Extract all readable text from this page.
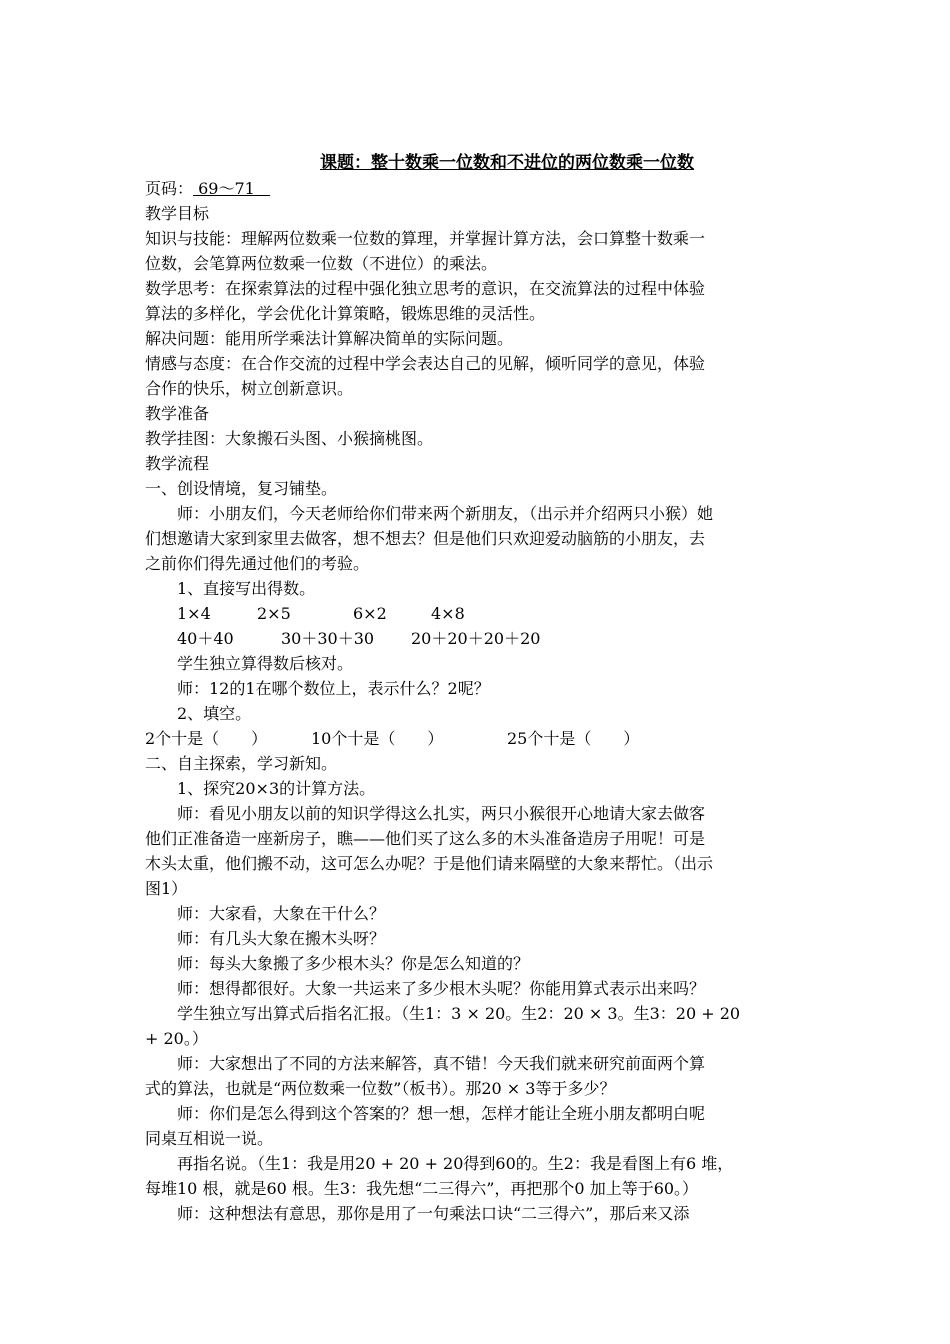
课题：整十数乘一位数和不进位的两位数乘一位数

页码： 69～71

教学目标

知识与技能：理解两位数乘一位数的算理，并掌握计算方法，会口算整十数乘一

位数，会笔算两位数乘一位数（不进位）的乘法。

数学思考：在探索算法的过程中强化独立思考的意识，在交流算法的过程中体验

算法的多样化，学会优化计算策略，锻炼思维的灵活性。

解决问题：能用所学乘法计算解决简单的实际问题。

情感与态度：在合作交流的过程中学会表达自己的见解，倾听同学的意见，体验

合作的快乐，树立创新意识。

教学准备

教学挂图：大象搬石头图、小猴摘桃图。

教学流程

一、创设情境，复习铺垫。

师：小朋友们，今天老师给你们带来两个新朋友，（出示并介绍两只小猴）她

们想邀请大家到家里去做客，想不想去？但是他们只欢迎爱动脑筋的小朋友，去

之前你们得先通过他们的考验。

1、直接写出得数。

1×4	2×5	6×2	4×8

40＋40	30＋30＋30 20＋20＋20＋20

学生独立算得数后核对。

师：12的1在哪个数位上，表示什么？2呢？

2、填空。

2个十是（　　）	10个十是（　　）	25个十是（　　）

二、自主探索，学习新知。

1、探究20×3的计算方法。

师：看见小朋友以前的知识学得这么扎实，两只小猴很开心地请大家去做客

他们正准备造一座新房子，瞧——他们买了这么多的木头准备造房子用呢！可是

木头太重，他们搬不动，这可怎么办呢？于是他们请来隔壁的大象来帮忙。（出示

图1）

师：大家看，大象在干什么？

师：有几头大象在搬木头呀？

师：每头大象搬了多少根木头？你是怎么知道的？

师：想得都很好。大象一共运来了多少根木头呢？你能用算式表示出来吗？

学生独立写出算式后指名汇报。（生1：3 × 20。生2：20 × 3。生3：20 + 20

+ 20。）

师：大家想出了不同的方法来解答，真不错！今天我们就来研究前面两个算

式的算法，也就是“两位数乘一位数”（板书）。那20 × 3等于多少？

师：你们是怎么得到这个答案的？想一想，怎样才能让全班小朋友都明白呢

同桌互相说一说。

再指名说。（生1：我是用20 + 20 + 20得到60的。生2：我是看图上有6 堆，

每堆10 根，就是60 根。生3：我先想“二三得六”，再把那个0 加上等于60。）

师：这种想法有意思，那你是用了一句乘法口诀“二三得六”，那后来又添
